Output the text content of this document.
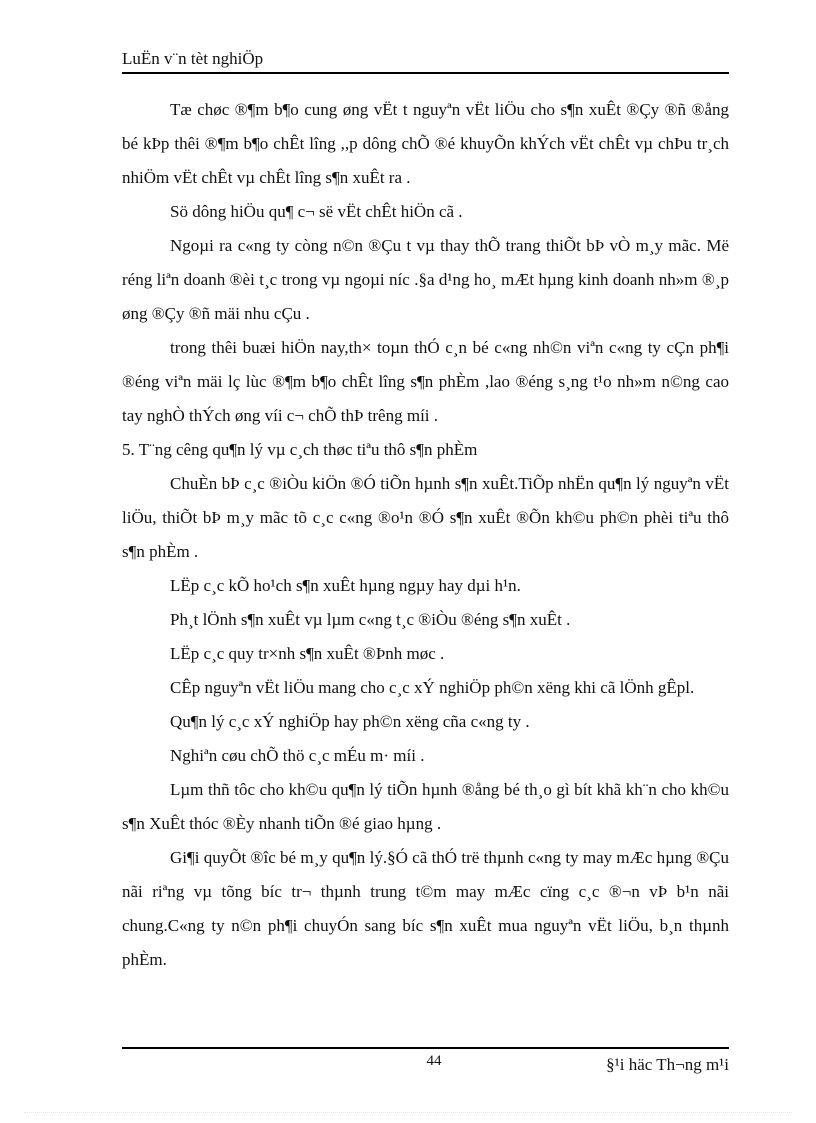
LuËn v¨n tèt nghiÖp

Tæ chøc ®¶m b¶o cung øng vËt t nguyªn vËt liÖu cho s¶n xuÊt ®Çy ®ñ ®ång bé kÞp thêi ®¶m b¶o chÊt lîng ,,p dông chÕ ®é khuyÕn khÝch vËt chÊt vµ chÞu tr¸ch nhiÖm vËt chÊt vµ chÊt lîng s¶n xuÊt ra .

Sö dông hiÖu qu¶ c¬ së vËt chÊt hiÖn cã .

Ngoµi ra c«ng ty còng n©n ®Çu t vµ thay thÕ trang thiÕt bÞ vÒ m¸y mãc. Më réng liªn doanh ®èi t¸c trong vµ ngoµi níc .§a d¹ng ho¸ mÆt hµng kinh doanh nh»m ®¸p øng ®Çy ®ñ mäi nhu cÇu .

trong thêi buæi hiÖn nay,th× toµn thÓ c¸n bé c«ng nh©n viªn c«ng ty cÇn ph¶i ®éng viªn mäi lç lùc ®¶m b¶o chÊt lîng s¶n phÈm ,lao ®éng s¸ng t¹o nh»m n©ng cao tay nghÒ thÝch øng víi c¬ chÕ thÞ trêng míi .

5. T¨ng cêng qu¶n lý vµ c¸ch thøc tiªu thô s¶n phÈm

ChuÈn bÞ c¸c ®iÒu kiÖn ®Ó tiÕn hµnh s¶n xuÊt.TiÕp nhËn qu¶n lý nguyªn vËt liÖu, thiÕt bÞ m¸y mãc tõ c¸c c«ng ®o¹n ®Ó s¶n xuÊt ®Õn kh©u ph©n phèi tiªu thô s¶n phÈm .

LËp c¸c kÕ ho¹ch s¶n xuÊt hµng ngµy hay dµi h¹n.

Ph¸t lÖnh s¶n xuÊt vµ lµm c«ng t¸c ®iÒu ®éng s¶n xuÊt .

LËp c¸c quy tr×nh s¶n xuÊt ®Þnh møc .

CÊp nguyªn vËt liÖu mang cho c¸c xÝ nghiÖp ph©n xëng khi cã lÖnh gÊpl.

Qu¶n lý c¸c xÝ nghiÖp hay ph©n xëng cña c«ng ty .

Nghiªn cøu chÕ thö c¸c mÉu m· míi .

Lµm thñ tôc cho kh©u qu¶n lý tiÕn hµnh ®ång bé th¸o gì bít khã kh¨n cho kh©u s¶n XuÊt thóc ®Èy nhanh tiÕn ®é giao hµng .

Gi¶i quyÕt ®îc bé m¸y qu¶n lý.§Ó cã thÓ trë thµnh c«ng ty may mÆc hµng ®Çu nãi riªng vµ tõng bíc tr¬ thµnh trung t©m may mÆc cïng c¸c ®¬n vÞ b¹n nãi chung.C«ng ty n©n ph¶i chuyÓn sang bíc s¶n xuÊt mua nguyªn vËt liÖu, b¸n thµnh phÈm.

44	§¹i häc Th¬ng m¹i
